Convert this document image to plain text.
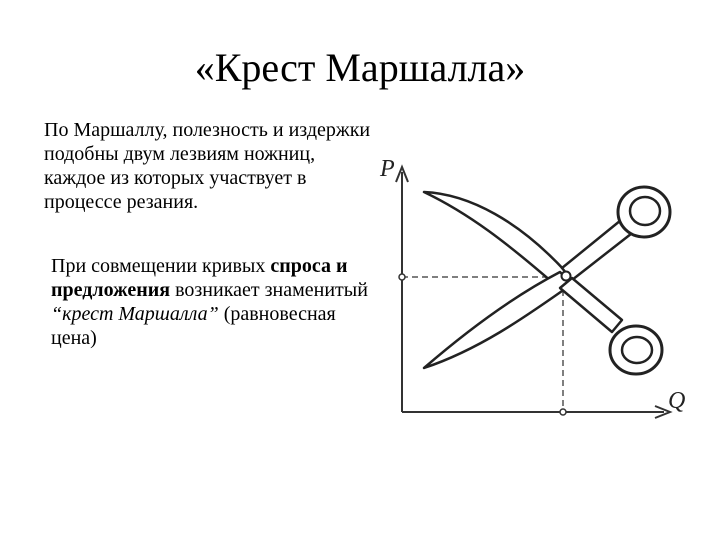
«Крест Маршалла»

По Маршаллу, полезность и издержки подобны двум лезвиям ножниц, каждое из которых участвует в процессе резания.

При совмещении кривых спроса и предложения возникает знаменитый “крест Маршалла” (равновесная цена)

P
Q
